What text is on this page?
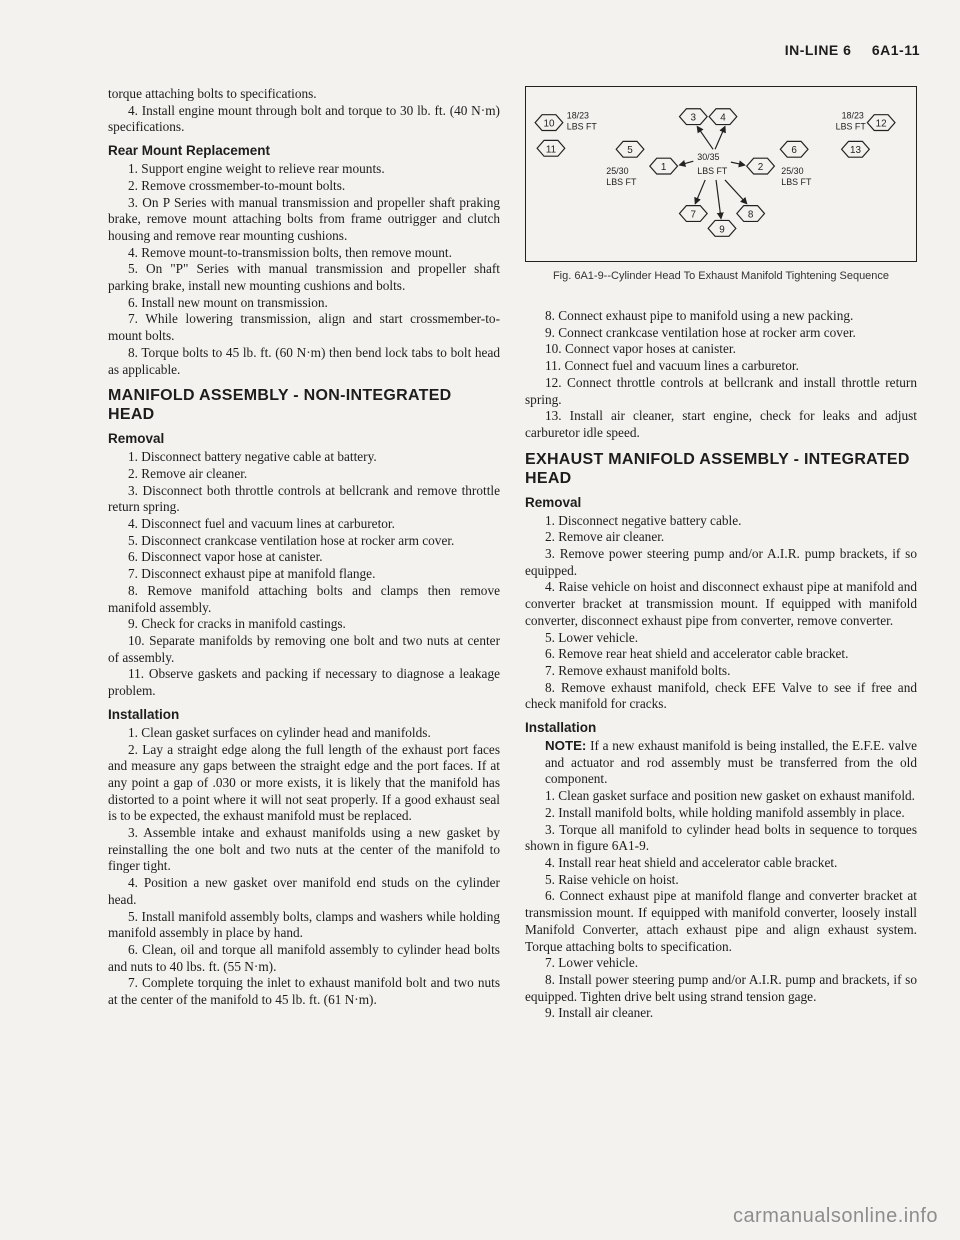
IN-LINE 6 6A1-11

torque attaching bolts to specifications.

4. Install engine mount through bolt and torque to 30 lb. ft. (40 N·m) specifications.

Rear Mount Replacement

1. Support engine weight to relieve rear mounts.

2. Remove crossmember-to-mount bolts.

3. On P Series with manual transmission and propeller shaft praking brake, remove mount attaching bolts from frame outrigger and clutch housing and remove rear mounting cushions.

4. Remove mount-to-transmission bolts, then remove mount.

5. On "P" Series with manual transmission and propeller shaft parking brake, install new mounting cushions and bolts.

6. Install new mount on transmission.

7. While lowering transmission, align and start crossmember-to-mount bolts.

8. Torque bolts to 45 lb. ft. (60 N·m) then bend lock tabs to bolt head as applicable.

MANIFOLD ASSEMBLY - NON-INTEGRATED HEAD
Removal

1. Disconnect battery negative cable at battery.

2. Remove air cleaner.

3. Disconnect both throttle controls at bellcrank and remove throttle return spring.

4. Disconnect fuel and vacuum lines at carburetor.

5. Disconnect crankcase ventilation hose at rocker arm cover.

6. Disconnect vapor hose at canister.

7. Disconnect exhaust pipe at manifold flange.

8. Remove manifold attaching bolts and clamps then remove manifold assembly.

9. Check for cracks in manifold castings.

10. Separate manifolds by removing one bolt and two nuts at center of assembly.

11. Observe gaskets and packing if necessary to diagnose a leakage problem.

Installation

1. Clean gasket surfaces on cylinder head and manifolds.

2. Lay a straight edge along the full length of the exhaust port faces and measure any gaps between the straight edge and the port faces. If at any point a gap of .030 or more exists, it is likely that the manifold has distorted to a point where it will not seat properly. If a good exhaust seal is to be expected, the exhaust manifold must be replaced.

3. Assemble intake and exhaust manifolds using a new gasket by reinstalling the one bolt and two nuts at the center of the manifold to finger tight.

4. Position a new gasket over manifold end studs on the cylinder head.

5. Install manifold assembly bolts, clamps and washers while holding manifold assembly in place by hand.

6. Clean, oil and torque all manifold assembly to cylinder head bolts and nuts to 40 lbs. ft. (55 N·m).

7. Complete torquing the inlet to exhaust manifold bolt and two nuts at the center of the manifold to 45 lb. ft. (61 N·m).

10
11	5
3 4
1	2
6	13
12
7
9
8
18/23
LBS FT
25/30
LBS FT
30/35
LBS FT	25/30
LBS FT
18/23
LBS FT
Fig. 6A1-9--Cylinder Head To Exhaust Manifold Tightening Sequence

8. Connect exhaust pipe to manifold using a new packing.

9. Connect crankcase ventilation hose at rocker arm cover.

10. Connect vapor hoses at canister.

11. Connect fuel and vacuum lines a carburetor.

12. Connect throttle controls at bellcrank and install throttle return spring.

13. Install air cleaner, start engine, check for leaks and adjust carburetor idle speed.

EXHAUST MANIFOLD ASSEMBLY - INTEGRATED HEAD
Removal

1. Disconnect negative battery cable.

2. Remove air cleaner.

3. Remove power steering pump and/or A.I.R. pump brackets, if so equipped.

4. Raise vehicle on hoist and disconnect exhaust pipe at manifold and converter bracket at transmission mount. If equipped with manifold converter, disconnect exhaust pipe from converter, remove converter.

5. Lower vehicle.

6. Remove rear heat shield and accelerator cable bracket.

7. Remove exhaust manifold bolts.

8. Remove exhaust manifold, check EFE Valve to see if free and check manifold for cracks.

Installation

NOTE: If a new exhaust manifold is being installed, the E.F.E. valve and actuator and rod assembly must be transferred from the old component.

1. Clean gasket surface and position new gasket on exhaust manifold.

2. Install manifold bolts, while holding manifold assembly in place.

3. Torque all manifold to cylinder head bolts in sequence to torques shown in figure 6A1-9.

4. Install rear heat shield and accelerator cable bracket.

5. Raise vehicle on hoist.

6. Connect exhaust pipe at manifold flange and converter bracket at transmission mount. If equipped with manifold converter, loosely install Manifold Converter, attach exhaust pipe and align exhaust system. Torque attaching bolts to specification.

7. Lower vehicle.

8. Install power steering pump and/or A.I.R. pump and brackets, if so equipped. Tighten drive belt using strand tension gage.

9. Install air cleaner.

carmanualsonline.info
